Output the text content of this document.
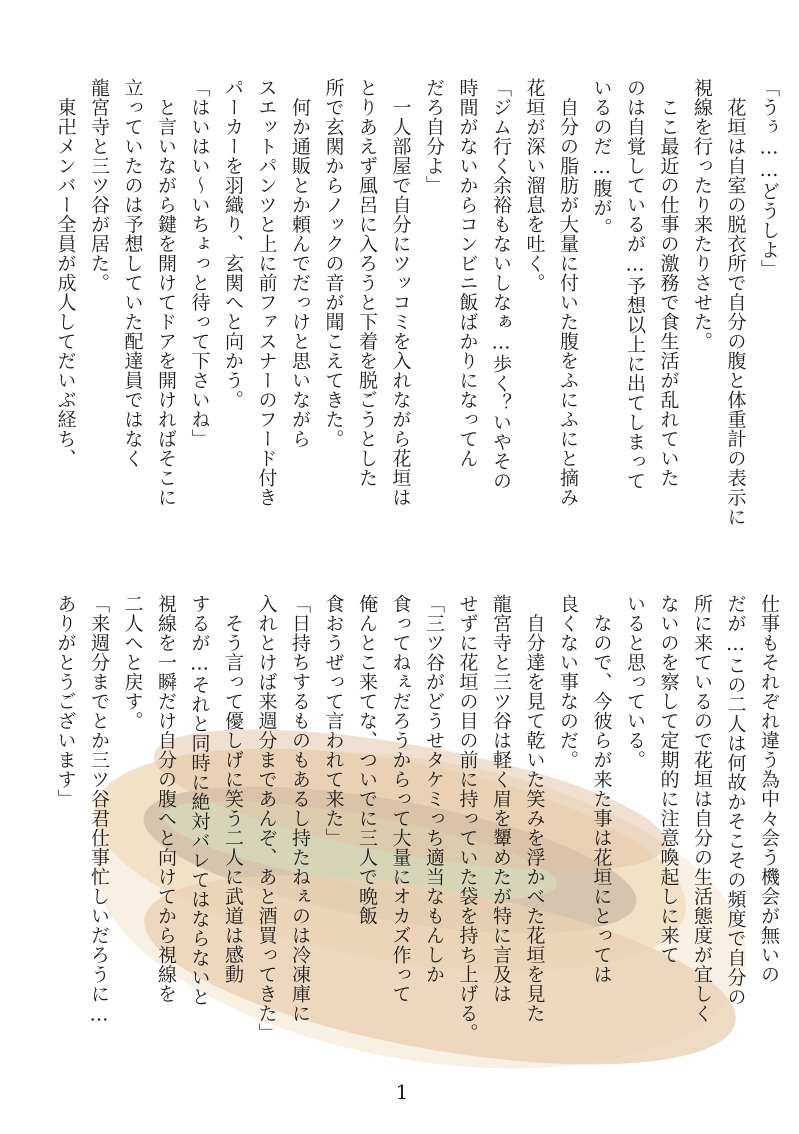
「うぅ……どうしよ」
　花垣は自室の脱衣所で自分の腹と体重計の表示に
視線を行ったり来たりさせた。
　ここ最近の仕事の激務で食生活が乱れていた
のは自覚しているが…予想以上に出てしまって
いるのだ…腹が。
　自分の脂肪が大量に付いた腹をふにふにと摘み
花垣が深い溜息を吐く。
「ジム行く余裕もないしなぁ…歩く？いやその
時間がないからコンビニ飯ばかりになってん
だろ自分よ」
　一人部屋で自分にツッコミを入れながら花垣は
とりあえず風呂に入ろうと下着を脱ごうとした
所で玄関からノックの音が聞こえてきた。
　何か通販とか頼んでだっけと思いながら
スエットパンツと上に前ファスナーのフード付き
パーカーを羽織り、玄関へと向かう。
「はいはい〜いちょっと待って下さいね」
　と言いながら鍵を開けてドアを開ければそこに
立っていたのは予想していた配達員ではなく
龍宮寺と三ツ谷が居た。
　東卍メンバー全員が成人してだいぶ経ち、
仕事もそれぞれ違う為中々会う機会が無いの
だが…この二人は何故かそこその頻度で自分の
所に来ているので花垣は自分の生活態度が宜しく
ないのを察して定期的に注意喚起しに来て
いると思っている。
　なので、今彼らが来た事は花垣にとっては
良くない事なのだ。
　自分達を見て乾いた笑みを浮かべた花垣を見た
龍宮寺と三ツ谷は軽く眉を顰めたが特に言及は
せずに花垣の目の前に持っていた袋を持ち上げる。
「三ツ谷がどうせタケミっち適当なもんしか
食ってねぇだろうからって大量にオカズ作って
俺んとこ来てな、ついでに三人で晩飯
食おうぜって言われて来た」
「日持ちするものもあるし持たねぇのは冷凍庫に
入れとけば来週分まであんぞ、あと酒買ってきた」
　そう言って優しげに笑う二人に武道は感動
するが…それと同時に絶対バレてはならないと
視線を一瞬だけ自分の腹へと向けてから視線を
二人へと戻す。
「来週分までとか三ツ谷君仕事忙しいだろうに…
ありがとうございます」
1
